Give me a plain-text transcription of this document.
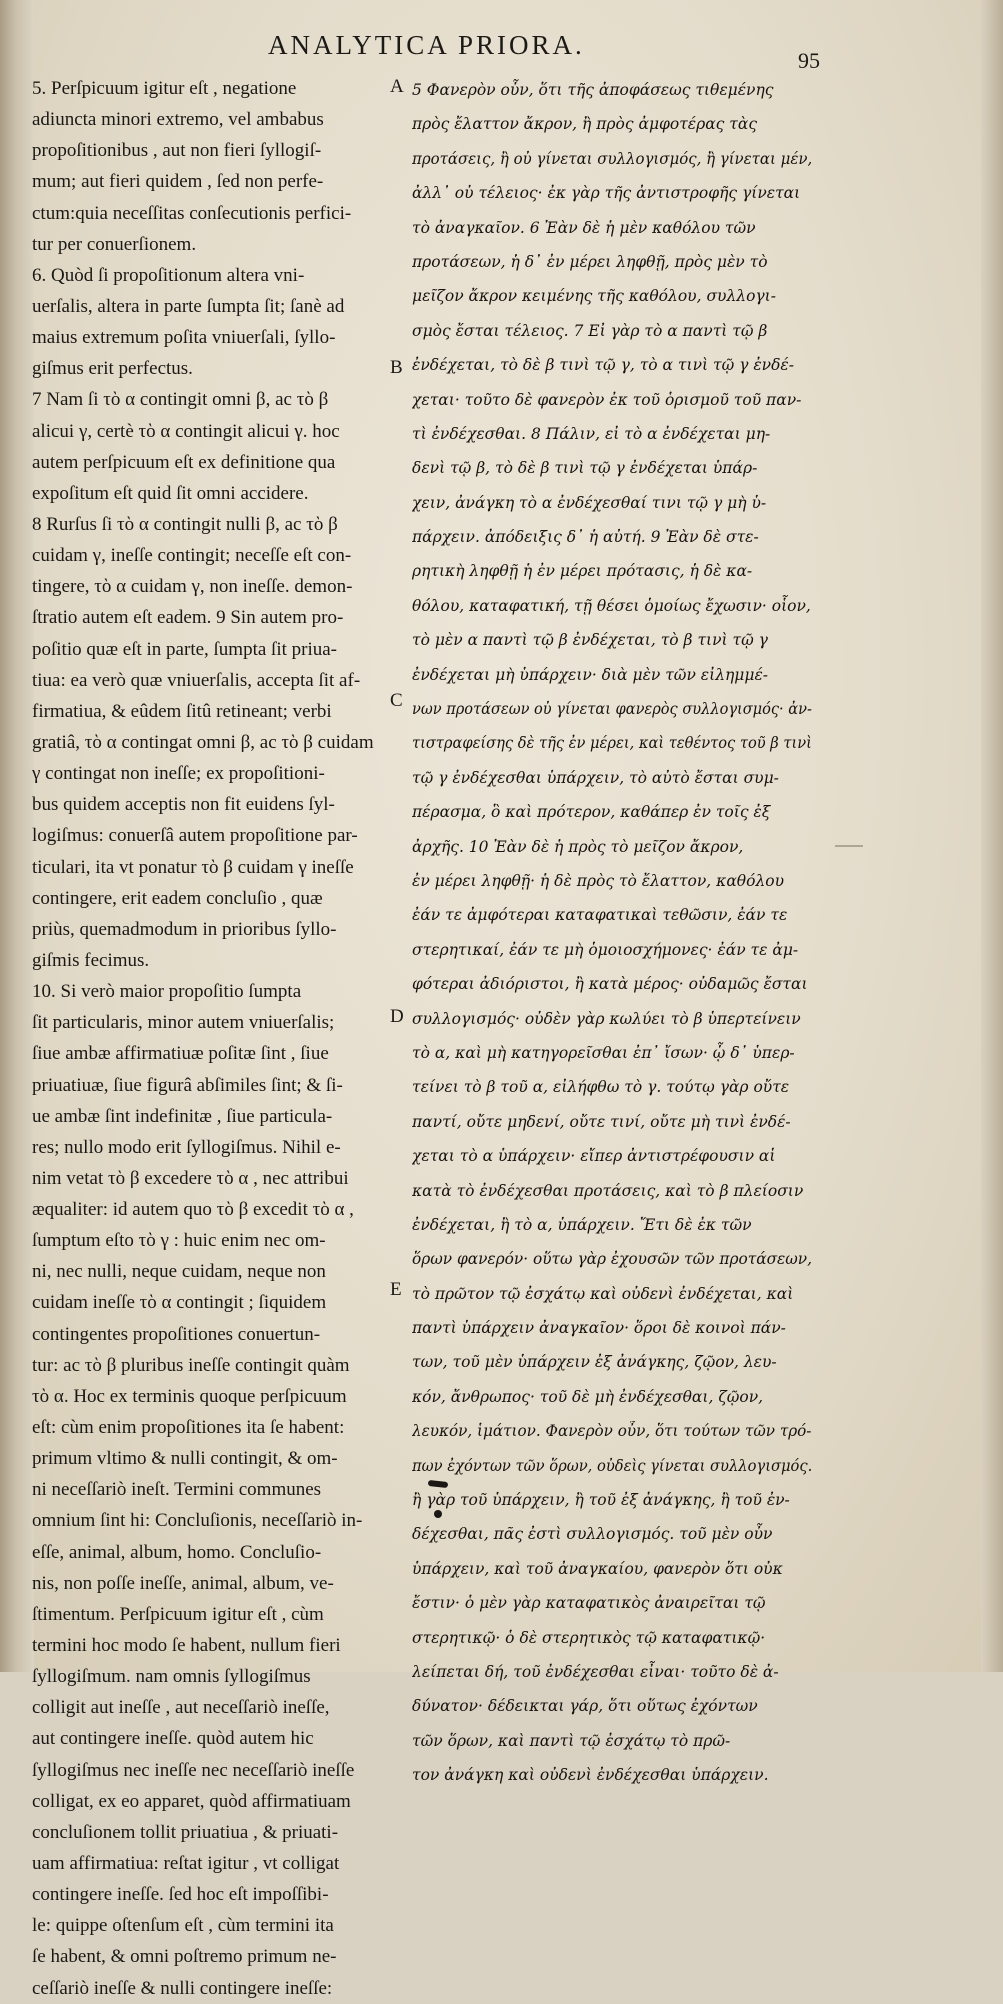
ANALYTICA PRIORA.
95
5. Perſpicuum igitur eſt , negatione
adiuncta minori extremo, vel ambabus
propoſitionibus , aut non fieri ſyllogiſ-
mum; aut fieri quidem , ſed non perfe-
ctum:quia neceſſitas conſecutionis perfici-
tur per conuerſionem.
6. Quòd ſi propoſitionum altera vni-
uerſalis, altera in parte ſumpta ſit; ſanè ad
maius extremum poſita vniuerſali, ſyllo-
giſmus erit perfectus.
7 Nam ſi τὸ α contingit omni β, ac τὸ β
alicui γ, certè τὸ α contingit alicui γ. hoc
autem perſpicuum eſt ex definitione qua
expoſitum eſt quid ſit omni accidere.
8 Rurſus ſi τὸ α contingit nulli β, ac τὸ β
cuidam γ, ineſſe contingit; neceſſe eſt con-
tingere, τὸ α cuidam γ, non ineſſe. demon-
ſtratio autem eſt eadem. 9 Sin autem pro-
poſitio quæ eſt in parte, ſumpta ſit priua-
tiua: ea verò quæ vniuerſalis, accepta ſit af-
firmatiua, & eûdem ſitû retineant; verbi
gratiâ, τὸ α contingat omni β, ac τὸ β cuidam
γ contingat non ineſſe; ex propoſitioni-
bus quidem acceptis non fit euidens ſyl-
logiſmus: conuerſâ autem propoſitione par-
ticulari, ita vt ponatur τὸ β cuidam γ ineſſe
contingere, erit eadem concluſio , quæ
priùs, quemadmodum in prioribus ſyllo-
giſmis fecimus.
10. Si verò maior propoſitio ſumpta
ſit particularis, minor autem vniuerſalis;
ſiue ambæ affirmatiuæ poſitæ ſint , ſiue
priuatiuæ, ſiue figurâ abſimiles ſint; & ſi-
ue ambæ ſint indefinitæ , ſiue particula-
res; nullo modo erit ſyllogiſmus. Nihil e-
nim vetat τὸ β excedere τὸ α , nec attribui
æqualiter: id autem quo τὸ β excedit τὸ α ,
ſumptum eſto τὸ γ : huic enim nec om-
ni, nec nulli, neque cuidam, neque non
cuidam ineſſe τὸ α contingit ; ſiquidem
contingentes propoſitiones conuertun-
tur: ac τὸ β pluribus ineſſe contingit quàm
τὸ α. Hoc ex terminis quoque perſpicuum
eſt: cùm enim propoſitiones ita ſe habent:
primum vltimo & nulli contingit, & om-
ni neceſſariò ineſt. Termini communes
omnium ſint hi: Concluſionis, neceſſariò in-
eſſe, animal, album, homo. Concluſio-
nis, non poſſe ineſſe, animal, album, ve-
ſtimentum. Perſpicuum igitur eſt , cùm
termini hoc modo ſe habent, nullum fieri
ſyllogiſmum. nam omnis ſyllogiſmus
colligit aut ineſſe , aut neceſſariò ineſſe,
aut contingere ineſſe. quòd autem hic
ſyllogiſmus nec ineſſe nec neceſſariò ineſſe
colligat, ex eo apparet, quòd affirmatiuam
concluſionem tollit priuatiua , & priuati-
uam affirmatiua: reſtat igitur , vt colligat
contingere ineſſe. ſed hoc eſt impoſſibi-
le: quippe oſtenſum eſt , cùm termini ita
ſe habent, & omni poſtremo primum ne-
ceſſariò ineſſe & nulli contingere ineſſe:
5 Φανερὸν οὖν, ὅτι τῆς ἀποφάσεως τιθεμένης
πρὸς ἔλαττον ἄκρον, ἢ πρὸς ἀμφοτέρας τὰς
προτάσεις, ἢ οὐ γίνεται συλλογισμός, ἢ γίνεται μέν,
ἀλλ᾿ οὐ τέλειος· ἐκ γὰρ τῆς ἀντιστροφῆς γίνεται
τὸ ἀναγκαῖον. 6 Ἐὰν δὲ ἡ μὲν καθόλου τῶν
προτάσεων, ἡ δ᾿ ἐν μέρει ληφθῇ, πρὸς μὲν τὸ
μεῖζον ἄκρον κειμένης τῆς καθόλου, συλλογι-
σμὸς ἔσται τέλειος. 7 Εἰ γὰρ τὸ α παντὶ τῷ β
ἐνδέχεται, τὸ δὲ β τινὶ τῷ γ, τὸ α τινὶ τῷ γ ἐνδέ-
χεται· τοῦτο δὲ φανερὸν ἐκ τοῦ ὁρισμοῦ τοῦ παν-
τὶ ἐνδέχεσθαι. 8 Πάλιν, εἰ τὸ α ἐνδέχεται μη-
δενὶ τῷ β, τὸ δὲ β τινὶ τῷ γ ἐνδέχεται ὑπάρ-
χειν, ἀνάγκη τὸ α ἐνδέχεσθαί τινι τῷ γ μὴ ὑ-
πάρχειν. ἀπόδειξις δ᾿ ἡ αὐτή. 9 Ἐὰν δὲ στε-
ρητικὴ ληφθῇ ἡ ἐν μέρει πρότασις, ἡ δὲ κα-
θόλου, καταφατική, τῇ θέσει ὁμοίως ἔχωσιν· οἷον,
τὸ μὲν α παντὶ τῷ β ἐνδέχεται, τὸ β τινὶ τῷ γ
ἐνδέχεται μὴ ὑπάρχειν· διὰ μὲν τῶν εἰλημμέ-
νων προτάσεων οὐ γίνεται φανερὸς συλλογισμός· ἀν-
τιστραφείσης δὲ τῆς ἐν μέρει, καὶ τεθέντος τοῦ β τινὶ
τῷ γ ἐνδέχεσθαι ὑπάρχειν, τὸ αὐτὸ ἔσται συμ-
πέρασμα, ὃ καὶ πρότερον, καθάπερ ἐν τοῖς ἐξ
ἀρχῆς. 10 Ἐὰν δὲ ἡ πρὸς τὸ μεῖζον ἄκρον,
ἐν μέρει ληφθῇ· ἡ δὲ πρὸς τὸ ἔλαττον, καθόλου
ἐάν τε ἀμφότεραι καταφατικαὶ τεθῶσιν, ἐάν τε
στερητικαί, ἐάν τε μὴ ὁμοιοσχήμονες· ἐάν τε ἀμ-
φότεραι ἀδιόριστοι, ἢ κατὰ μέρος· οὐδαμῶς ἔσται
συλλογισμός· οὐδὲν γὰρ κωλύει τὸ β ὑπερτείνειν
τὸ α, καὶ μὴ κατηγορεῖσθαι ἐπ᾿ ἴσων· ᾧ δ᾿ ὑπερ-
τείνει τὸ β τοῦ α, εἰλήφθω τὸ γ. τούτῳ γὰρ οὔτε
παντί, οὔτε μηδενί, οὔτε τινί, οὔτε μὴ τινὶ ἐνδέ-
χεται τὸ α ὑπάρχειν· εἴπερ ἀντιστρέφουσιν αἱ
κατὰ τὸ ἐνδέχεσθαι προτάσεις, καὶ τὸ β πλείοσιν
ἐνδέχεται, ἢ τὸ α, ὑπάρχειν. Ἔτι δὲ ἐκ τῶν
ὅρων φανερόν· οὕτω γὰρ ἐχουσῶν τῶν προτάσεων,
τὸ πρῶτον τῷ ἐσχάτῳ καὶ οὐδενὶ ἐνδέχεται, καὶ
παντὶ ὑπάρχειν ἀναγκαῖον· ὅροι δὲ κοινοὶ πάν-
των, τοῦ μὲν ὑπάρχειν ἐξ ἀνάγκης, ζῷον, λευ-
κόν, ἄνθρωπος· τοῦ δὲ μὴ ἐνδέχεσθαι, ζῷον,
λευκόν, ἱμάτιον. Φανερὸν οὖν, ὅτι τούτων τῶν τρό-
πων ἐχόντων τῶν ὅρων, οὐδεὶς γίνεται συλλογισμός.
ἢ γὰρ τοῦ ὑπάρχειν, ἢ τοῦ ἐξ ἀνάγκης, ἢ τοῦ ἐν-
δέχεσθαι, πᾶς ἐστὶ συλλογισμός. τοῦ μὲν οὖν
ὑπάρχειν, καὶ τοῦ ἀναγκαίου, φανερὸν ὅτι οὐκ
ἔστιν· ὁ μὲν γὰρ καταφατικὸς ἀναιρεῖται τῷ
στερητικῷ· ὁ δὲ στερητικὸς τῷ καταφατικῷ·
λείπεται δή, τοῦ ἐνδέχεσθαι εἶναι· τοῦτο δὲ ἀ-
δύνατον· δέδεικται γάρ, ὅτι οὕτως ἐχόντων
τῶν ὅρων, καὶ παντὶ τῷ ἐσχάτῳ τὸ πρῶ-
τον ἀνάγκη καὶ οὐδενὶ ἐνδέχεσθαι ὑπάρχειν.
A
B
C
D
E
